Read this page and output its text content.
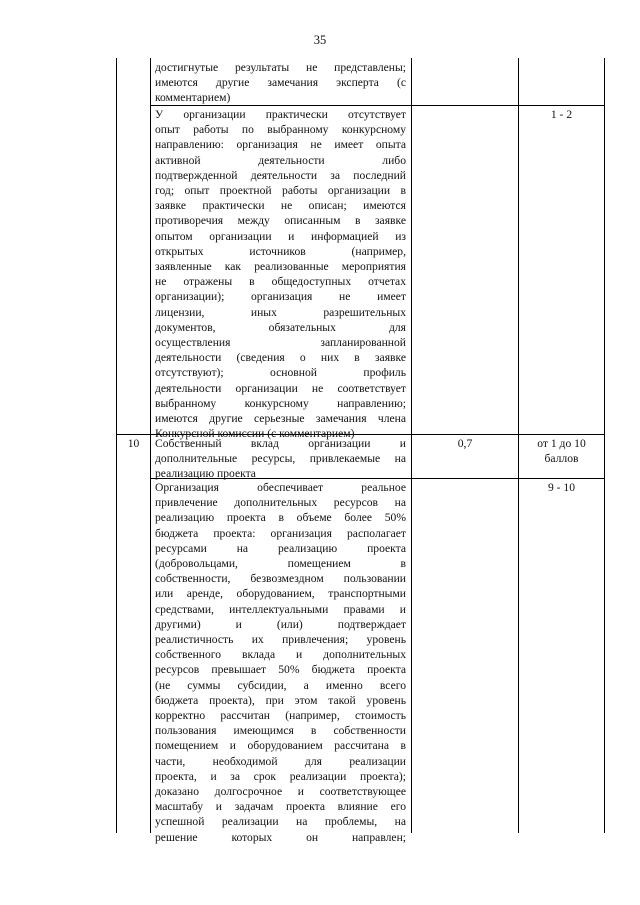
35
достигнутые результаты не представлены;
имеются другие замечания эксперта (с
комментарием)
У организации практически отсутствует
опыт работы по выбранному конкурсному
направлению: организация не имеет опыта
активной деятельности либо
подтвержденной деятельности за последний
год; опыт проектной работы организации в
заявке практически не описан; имеются
противоречия между описанным в заявке
опытом организации и информацией из
открытых источников (например,
заявленные как реализованные мероприятия
не отражены в общедоступных отчетах
организации); организация не имеет
лицензии, иных разрешительных
документов, обязательных для
осуществления запланированной
деятельности (сведения о них в заявке
отсутствуют); основной профиль
деятельности организации не соответствует
выбранному конкурсному направлению;
имеются другие серьезные замечания члена
Конкурсной комиссии (с комментарием)
1 - 2
10	Собственный вклад организации и
дополнительные ресурсы, привлекаемые на
реализацию проекта
0,7	от 1 до 10
баллов
Организация обеспечивает реальное
привлечение дополнительных ресурсов на
реализацию проекта в объеме более 50%
бюджета проекта: организация располагает
ресурсами на реализацию проекта
(добровольцами, помещением в
собственности, безвозмездном пользовании
или аренде, оборудованием, транспортными
средствами, интеллектуальными правами и
другими) и (или) подтверждает
реалистичность их привлечения; уровень
собственного вклада и дополнительных
ресурсов превышает 50% бюджета проекта
(не суммы субсидии, а именно всего
бюджета проекта), при этом такой уровень
корректно рассчитан (например, стоимость
пользования имеющимся в собственности
помещением и оборудованием рассчитана в
части, необходимой для реализации
проекта, и за срок реализации проекта);
доказано долгосрочное и соответствующее
масштабу и задачам проекта влияние его
успешной реализации на проблемы, на
решение которых он направлен;
9 - 10
